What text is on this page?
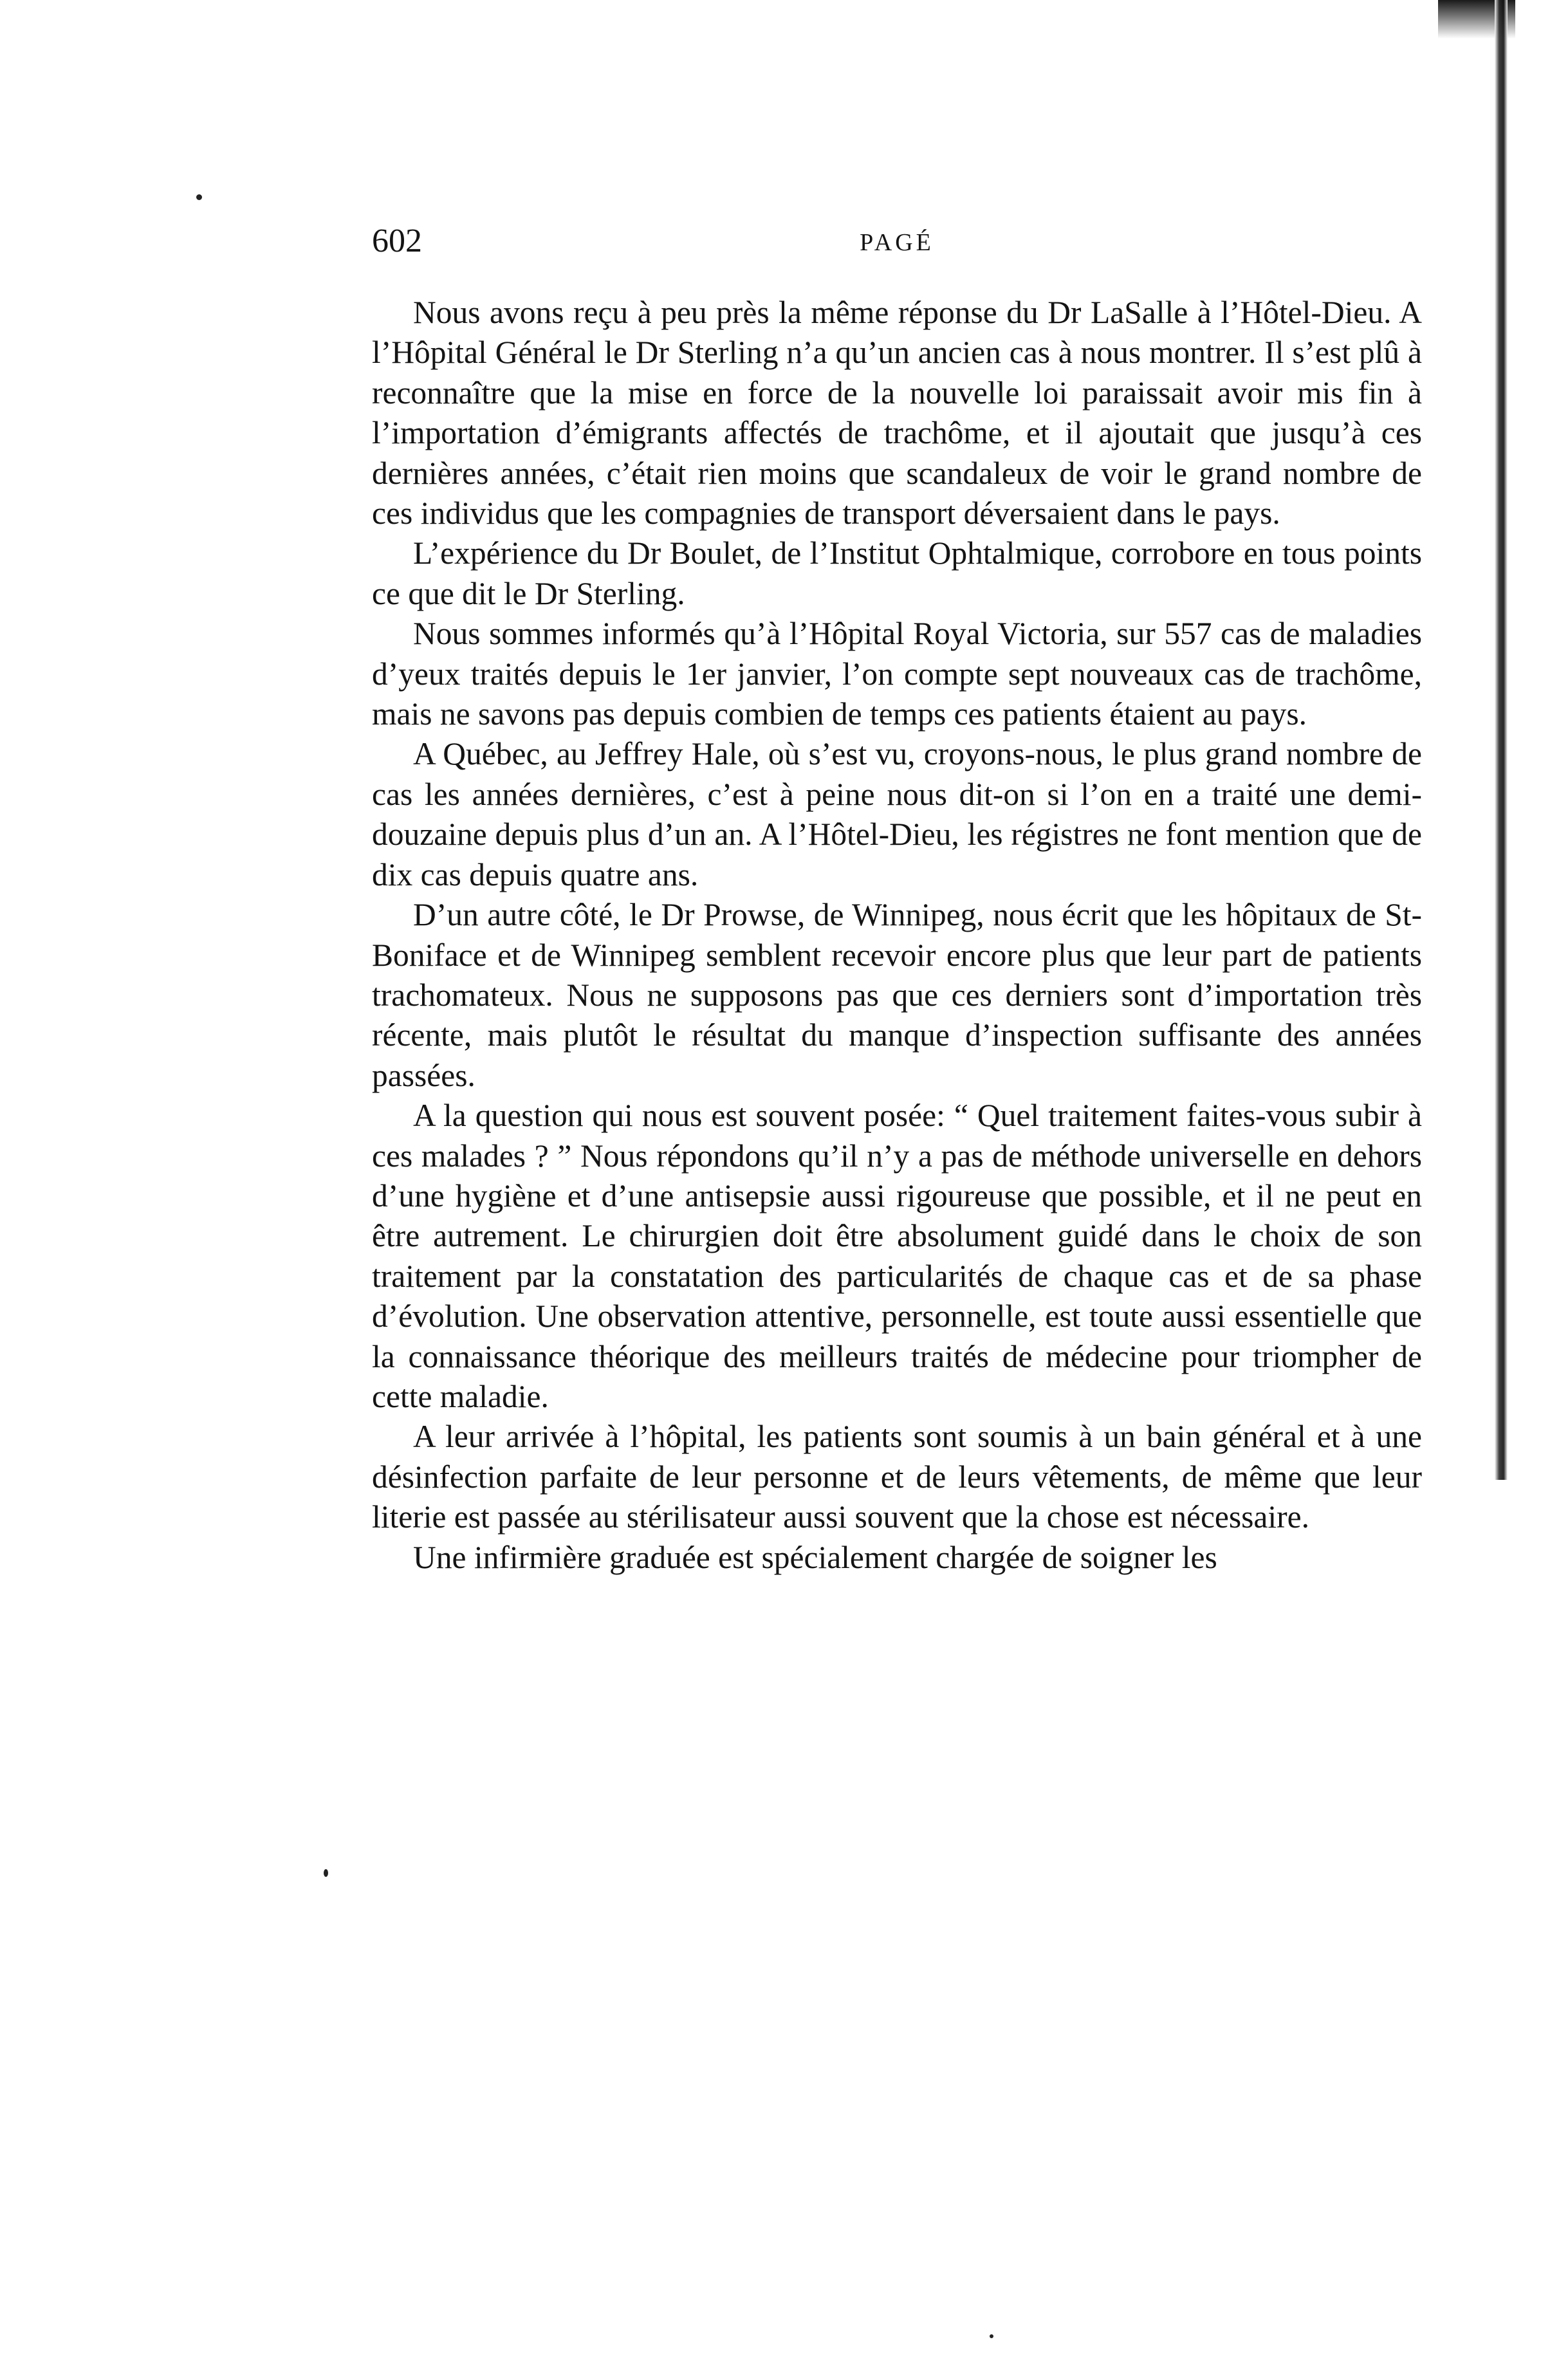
602	PAGÉ

Nous avons reçu à peu près la même réponse du Dr LaSalle à l’Hôtel-Dieu. A l’Hôpital Général le Dr Sterling n’a qu’un ancien cas à nous montrer. Il s’est plû à reconnaître que la mise en force de la nouvelle loi paraissait avoir mis fin à l’importation d’émigrants affectés de trachôme, et il ajoutait que jusqu’à ces dernières années, c’était rien moins que scandaleux de voir le grand nombre de ces individus que les compagnies de transport déversaient dans le pays.

L’expérience du Dr Boulet, de l’Institut Ophtalmique, corrobore en tous points ce que dit le Dr Sterling.

Nous sommes informés qu’à l’Hôpital Royal Victoria, sur 557 cas de maladies d’yeux traités depuis le 1er janvier, l’on compte sept nouveaux cas de trachôme, mais ne savons pas depuis combien de temps ces patients étaient au pays.

A Québec, au Jeffrey Hale, où s’est vu, croyons-nous, le plus grand nombre de cas les années dernières, c’est à peine nous dit-on si l’on en a traité une demi-douzaine depuis plus d’un an. A l’Hôtel-Dieu, les régistres ne font mention que de dix cas depuis quatre ans.

D’un autre côté, le Dr Prowse, de Winnipeg, nous écrit que les hôpitaux de St-Boniface et de Winnipeg semblent recevoir encore plus que leur part de patients trachomateux. Nous ne supposons pas que ces derniers sont d’importation très récente, mais plutôt le résultat du manque d’inspection suffisante des années passées.

A la question qui nous est souvent posée: “ Quel traitement faites-vous subir à ces malades ? ” Nous répondons qu’il n’y a pas de méthode universelle en dehors d’une hygiène et d’une antisepsie aussi rigoureuse que possible, et il ne peut en être autrement. Le chirurgien doit être absolument guidé dans le choix de son traitement par la constatation des particularités de chaque cas et de sa phase d’évolution. Une observation attentive, personnelle, est toute aussi essentielle que la connaissance théorique des meilleurs traités de médecine pour triompher de cette maladie.

A leur arrivée à l’hôpital, les patients sont soumis à un bain général et à une désinfection parfaite de leur personne et de leurs vêtements, de même que leur literie est passée au stérilisateur aussi souvent que la chose est nécessaire.

Une infirmière graduée est spécialement chargée de soigner les
